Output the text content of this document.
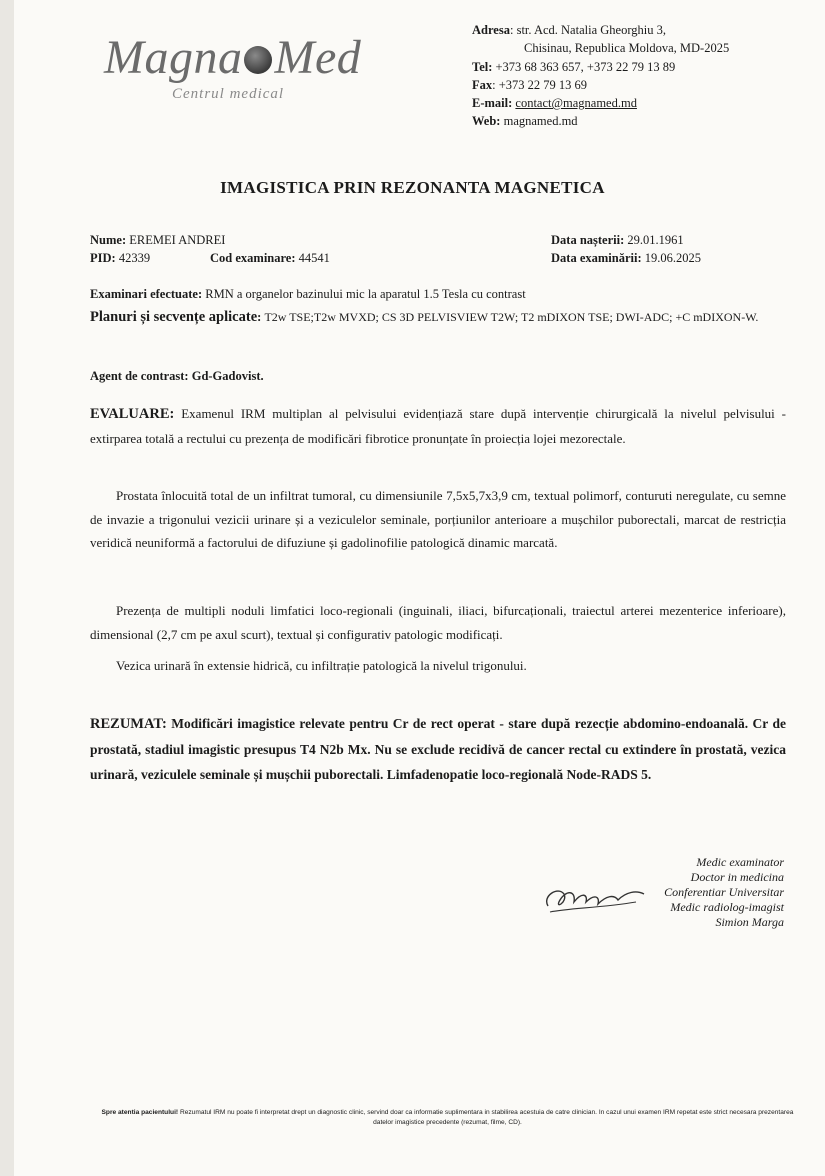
Magna Med
Centrul medical
Adresa: str. Acd. Natalia Gheorghiu 3,
Chisinau, Republica Moldova, MD-2025
Tel: +373 68 363 657, +373 22 79 13 89
Fax: +373 22 79 13 69
E-mail: contact@magnamed.md
Web: magnamed.md
IMAGISTICA PRIN REZONANTA MAGNETICA
Nume: EREMEI ANDREI
PID: 42339	Cod examinare: 44541
Data nașterii: 29.01.1961
Data examinării: 19.06.2025
Examinari efectuate: RMN a organelor bazinului mic la aparatul 1.5 Tesla cu contrast
Planuri și secvențe aplicate: T2w TSE;T2w MVXD; CS 3D PELVISVIEW T2W; T2 mDIXON TSE; DWI-ADC; +C mDIXON-W.
Agent de contrast: Gd-Gadovist.
EVALUARE: Examenul IRM multiplan al pelvisului evidențiază stare după intervenție chirurgicală la nivelul pelvisului - extirparea totală a rectului cu prezența de modificări fibrotice pronunțate în proiecția lojei mezorectale.
Prostata înlocuită total de un infiltrat tumoral, cu dimensiunile 7,5x5,7x3,9 cm, textual polimorf, conturuti neregulate, cu semne de invazie a trigonului vezicii urinare și a veziculelor seminale, porțiunilor anterioare a mușchilor puborectali, marcat de restricția veridică neuniformă a factorului de difuziune și gadolinofilie patologică dinamic marcată.
Prezența de multipli noduli limfatici loco-regionali (inguinali, iliaci, bifurcaționali, traiectul arterei mezenterice inferioare), dimensional (2,7 cm pe axul scurt), textual și configurativ patologic modificați.
Vezica urinară în extensie hidrică, cu infiltrație patologică la nivelul trigonului.
REZUMAT: Modificări imagistice relevate pentru Cr de rect operat - stare după rezecție abdomino-endoanală. Cr de prostată, stadiul imagistic presupus T4 N2b Mx. Nu se exclude recidivă de cancer rectal cu extindere în prostată, vezica urinară, veziculele seminale și mușchii puborectali. Limfadenopatie loco-regională Node-RADS 5.
Medic examinator
Doctor in medicina
Conferentiar Universitar
Medic radiolog-imagist
Simion Marga
Spre atentia pacientului! Rezumatul IRM nu poate fi interpretat drept un diagnostic clinic, servind doar ca informatie suplimentara in stabilirea acestuia de catre clinician. In cazul unui examen IRM repetat este strict necesara prezentarea datelor imagistice precedente (rezumat, filme, CD).
